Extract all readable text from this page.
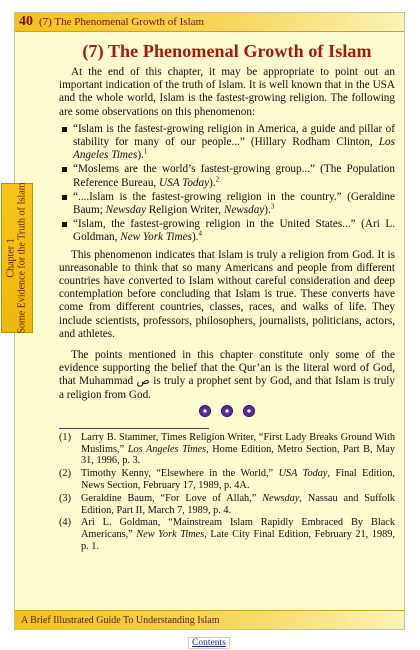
40 (7) The Phenomenal Growth of Islam
Chapter 1 Some Evidence for the Truth of Islam
(7) The Phenomenal Growth of Islam

At the end of this chapter, it may be appropriate to point out an important indication of the truth of Islam. It is well known that in the USA and the whole world, Islam is the fastest-growing religion. The following are some observations on this phenomenon:

“Islam is the fastest-growing religion in America, a guide and pillar of stability for many of our people...” (Hillary Rodham Clinton, Los Angeles Times).$^1$
“Moslems are the world’s fastest-growing group...” (The Population Reference Bureau, USA Today).$^2$
“....Islam is the fastest-growing religion in the country.” (Geraldine Baum; Newsday Religion Writer, Newsday).$^3$
“Islam, the fastest-growing religion in the United States...” (Ari L. Goldman, New York Times).$^4$

This phenomenon indicates that Islam is truly a religion from God. It is unreasonable to think that so many Americans and people from different countries have converted to Islam without careful consideration and deep contemplation before concluding that Islam is true. These converts have come from different countries, classes, races, and walks of life. They include scientists, professors, philosophers, journalists, politicians, actors, and athletes.

The points mentioned in this chapter constitute only some of the evidence supporting the belief that the Qur’an is the literal word of God, that Muhammad ص is truly a prophet sent by God, and that Islam is truly a religion from God.

(1) Larry B. Stammer, Times Religion Writer, “First Lady Breaks Ground With Muslims,” Los Angeles Times, Home Edition, Metro Section, Part B, May 31, 1996, p. 3.
(2) Timothy Kenny, “Elsewhere in the World,” USA Today, Final Edition, News Section, February 17, 1989, p. 4A.
(3) Geraldine Baum, “For Love of Allah,” Newsday, Nassau and Suffolk Edition, Part II, March 7, 1989, p. 4.
(4) Ari L. Goldman, “Mainstream Islam Rapidly Embraced By Black Americans,” New York Times, Late City Final Edition, February 21, 1989, p. 1.
A Brief Illustrated Guide To Understanding Islam
Contents
